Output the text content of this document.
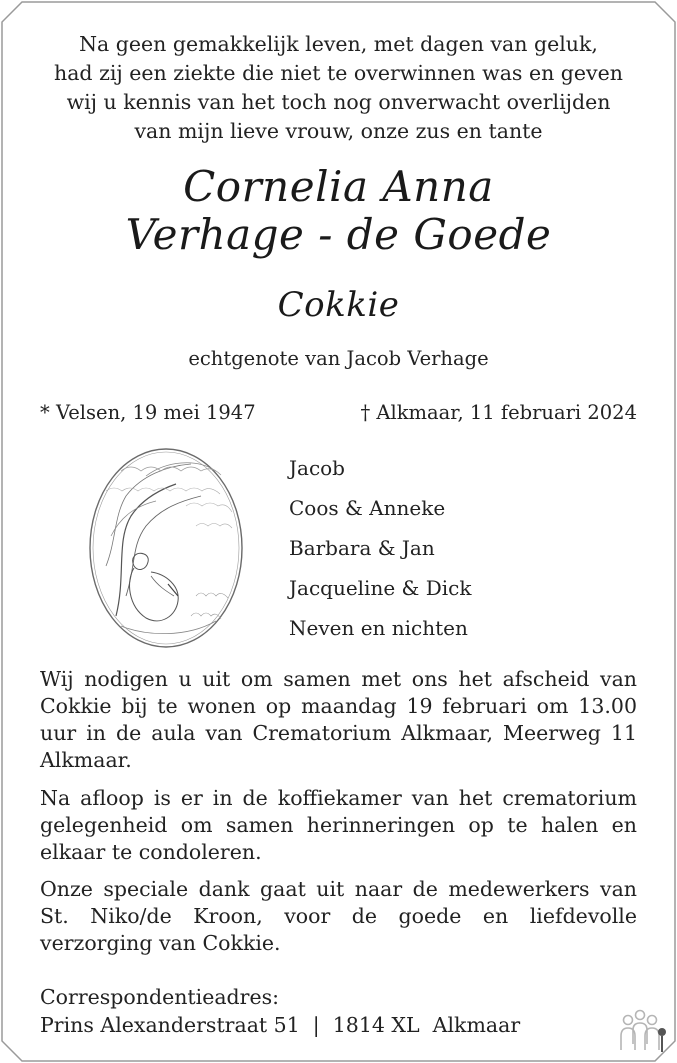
Na geen gemakkelijk leven, met dagen van geluk,
had zij een ziekte die niet te overwinnen was en geven
wij u kennis van het toch nog onverwacht overlijden
van mijn lieve vrouw, onze zus en tante
Cornelia Anna
Verhage - de Goede
Cokkie
echtgenote van Jacob Verhage
* Velsen, 19 mei 1947	† Alkmaar, 11 februari 2024
Jacob
Coos & Anneke
Barbara & Jan
Jacqueline & Dick
Neven en nichten
Wij nodigen u uit om samen met ons het afscheid van Cokkie bij te wonen op maandag 19 februari om 13.00 uur in de aula van Crematorium Alkmaar, Meerweg 11 Alkmaar.
Na afloop is er in de koffiekamer van het crematorium gelegenheid om samen herinneringen op te halen en elkaar te condoleren.
Onze speciale dank gaat uit naar de medewerkers van St. Niko/de Kroon, voor de goede en liefdevolle verzorging van Cokkie.
Correspondentieadres:
Prins Alexanderstraat 51  |  1814 XL  Alkmaar
